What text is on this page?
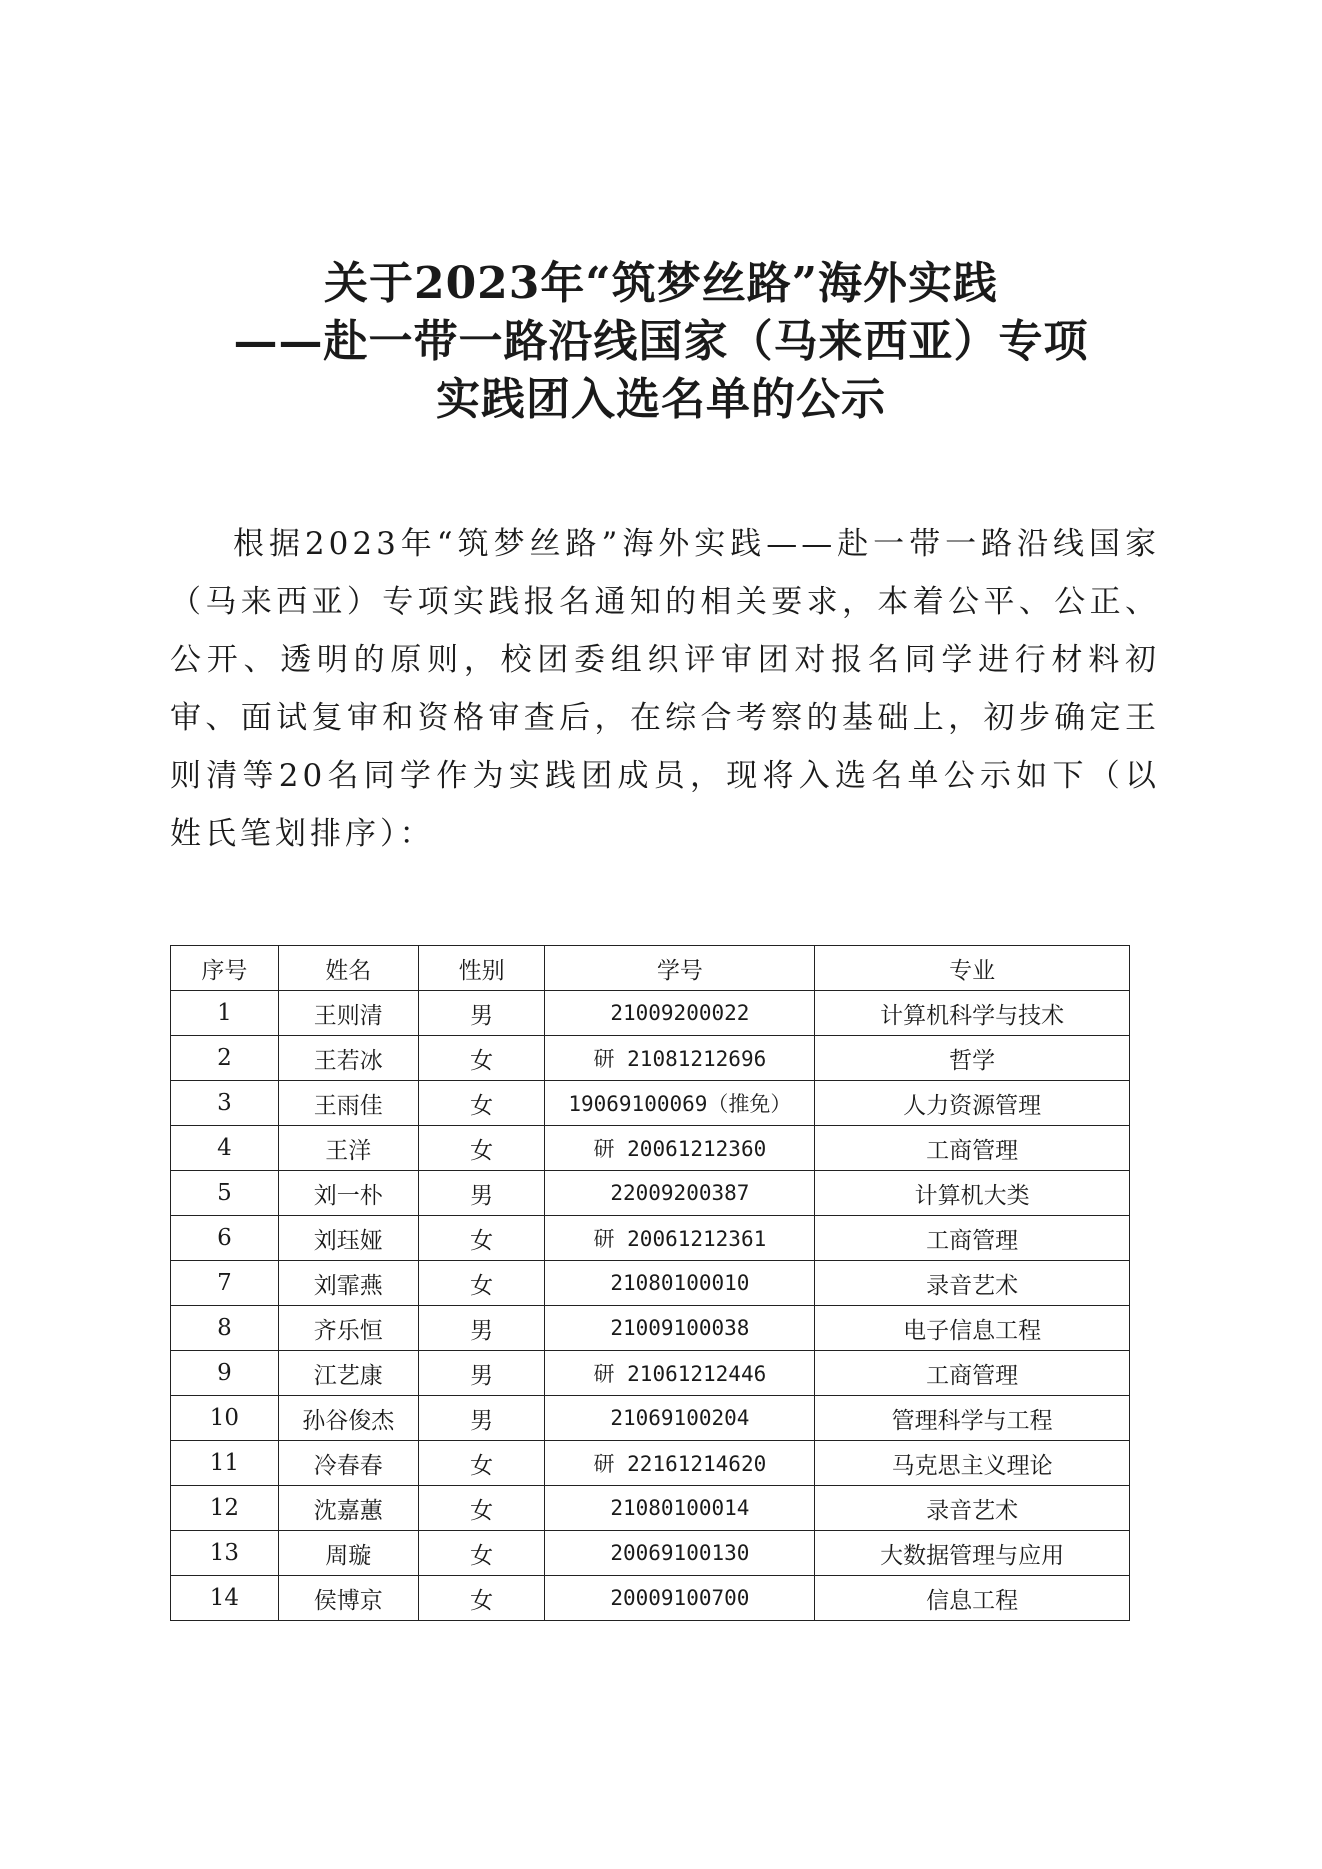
关于2023年“筑梦丝路”海外实践
——赴一带一路沿线国家（马来西亚）专项
实践团入选名单的公示
根据2023年“筑梦丝路”海外实践——赴一带一路沿线国家（马来西亚）专项实践报名通知的相关要求，本着公平、公正、公开、透明的原则，校团委组织评审团对报名同学进行材料初审、面试复审和资格审查后，在综合考察的基础上，初步确定王则清等20名同学作为实践团成员，现将入选名单公示如下（以姓氏笔划排序）：
序号	姓名	性别	学号	专业
1	王则清	男	21009200022	计算机科学与技术
2	王若冰	女	研 21081212696	哲学
3	王雨佳	女	19069100069（推免）	人力资源管理
4	王洋	女	研 20061212360	工商管理
5	刘一朴	男	22009200387	计算机大类
6	刘珏娅	女	研 20061212361	工商管理
7	刘霏燕	女	21080100010	录音艺术
8	齐乐恒	男	21009100038	电子信息工程
9	江艺康	男	研 21061212446	工商管理
10	孙谷俊杰	男	21069100204	管理科学与工程
11	冷春春	女	研 22161214620	马克思主义理论
12	沈嘉蕙	女	21080100014	录音艺术
13	周璇	女	20069100130	大数据管理与应用
14	侯博京	女	20009100700	信息工程
